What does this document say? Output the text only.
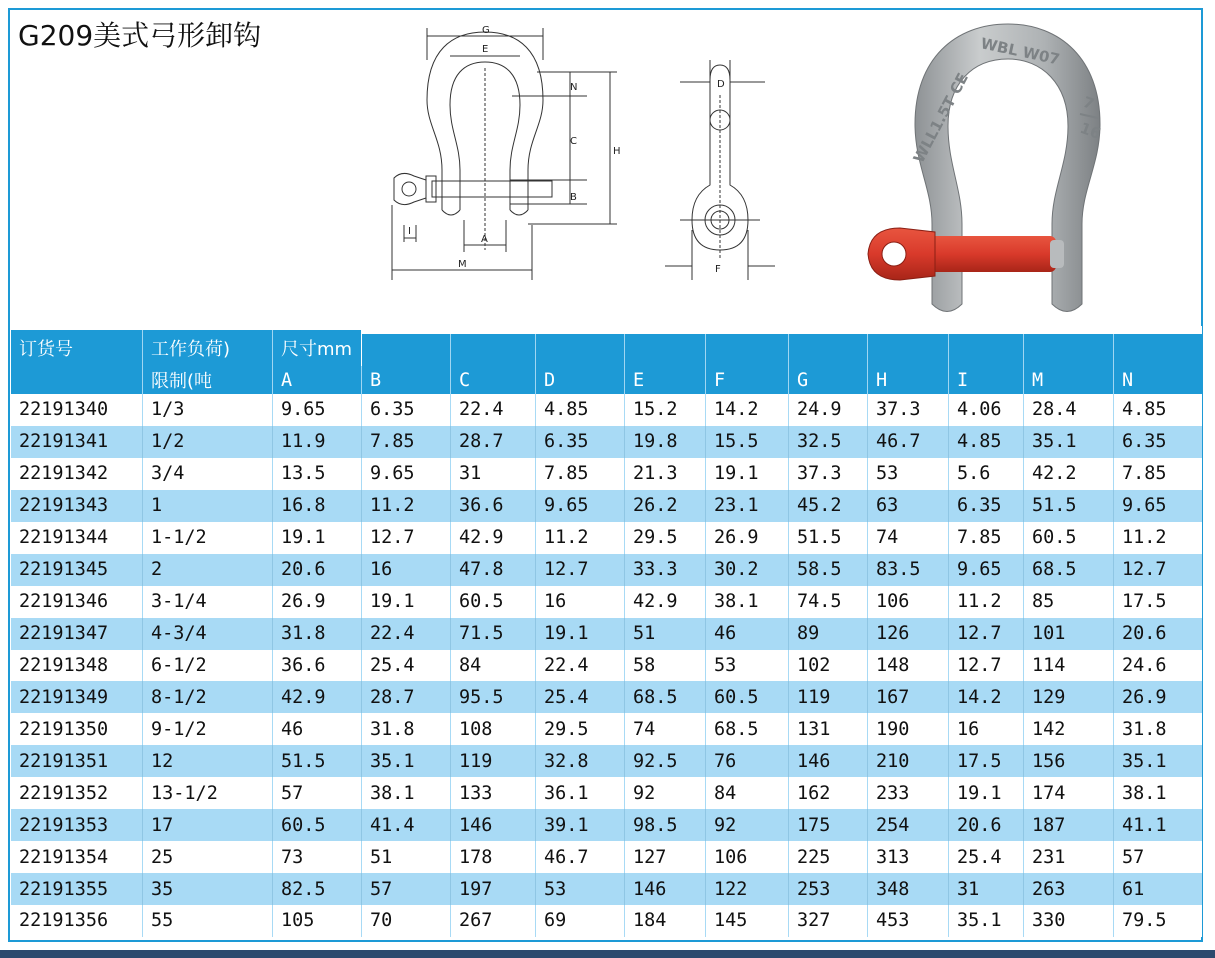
G209美式弓形卸钩	G
E
N
C
H
B
A
I
M
D
F
WLL1.5T CE
WBL W07
7
16
订货号	工作负荷)	尺寸mm										
	限制(吨	A	B	C	D	E	F	G	H	I	M	N
22191340	1/3	9.65	6.35	22.4	4.85	15.2	14.2	24.9	37.3	4.06	28.4	4.85
22191341	1/2	11.9	7.85	28.7	6.35	19.8	15.5	32.5	46.7	4.85	35.1	6.35
22191342	3/4	13.5	9.65	31	7.85	21.3	19.1	37.3	53	5.6	42.2	7.85
22191343	1	16.8	11.2	36.6	9.65	26.2	23.1	45.2	63	6.35	51.5	9.65
22191344	1-1/2	19.1	12.7	42.9	11.2	29.5	26.9	51.5	74	7.85	60.5	11.2
22191345	2	20.6	16	47.8	12.7	33.3	30.2	58.5	83.5	9.65	68.5	12.7
22191346	3-1/4	26.9	19.1	60.5	16	42.9	38.1	74.5	106	11.2	85	17.5
22191347	4-3/4	31.8	22.4	71.5	19.1	51	46	89	126	12.7	101	20.6
22191348	6-1/2	36.6	25.4	84	22.4	58	53	102	148	12.7	114	24.6
22191349	8-1/2	42.9	28.7	95.5	25.4	68.5	60.5	119	167	14.2	129	26.9
22191350	9-1/2	46	31.8	108	29.5	74	68.5	131	190	16	142	31.8
22191351	12	51.5	35.1	119	32.8	92.5	76	146	210	17.5	156	35.1
22191352	13-1/2	57	38.1	133	36.1	92	84	162	233	19.1	174	38.1
22191353	17	60.5	41.4	146	39.1	98.5	92	175	254	20.6	187	41.1
22191354	25	73	51	178	46.7	127	106	225	313	25.4	231	57
22191355	35	82.5	57	197	53	146	122	253	348	31	263	61
22191356	55	105	70	267	69	184	145	327	453	35.1	330	79.5
